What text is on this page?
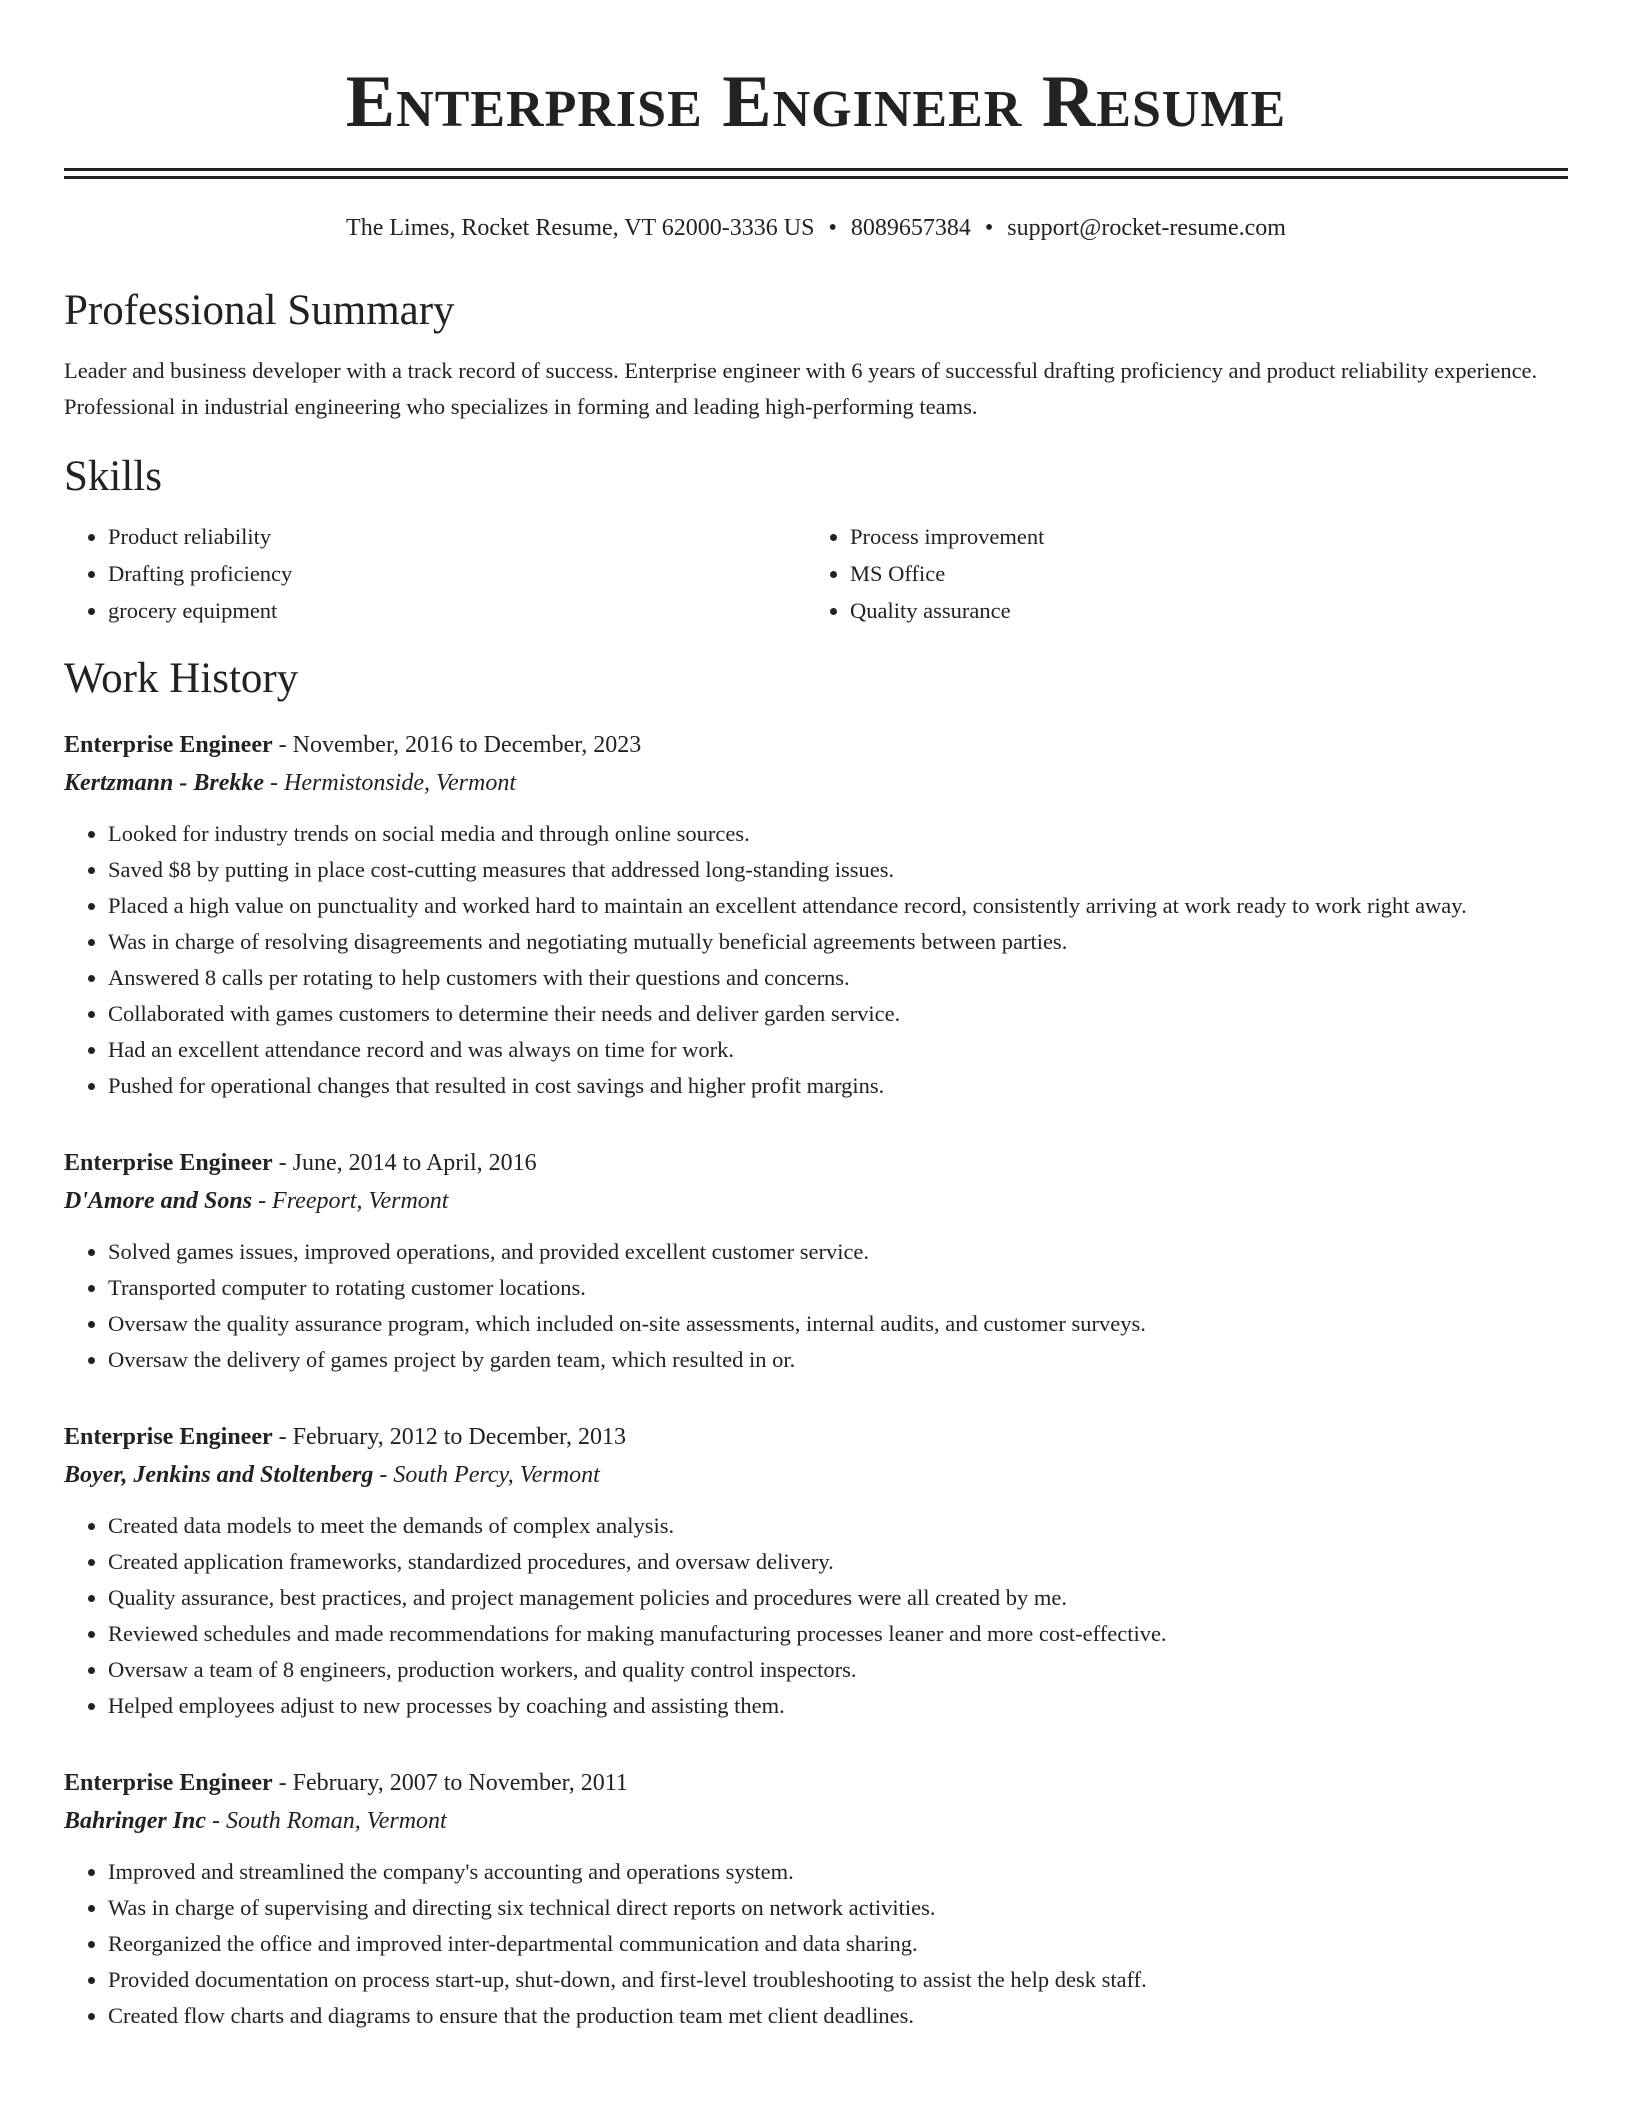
Enterprise Engineer Resume
The Limes, Rocket Resume, VT 62000-3336 US • 8089657384 • support@rocket-resume.com
Professional Summary

Leader and business developer with a track record of success. Enterprise engineer with 6 years of successful drafting proficiency and product reliability experience. Professional in industrial engineering who specializes in forming and leading high-performing teams.

Skills
• Product reliability
• Drafting proficiency
• grocery equipment
• Process improvement
• MS Office
• Quality assurance
Work History
Enterprise Engineer - November, 2016 to December, 2023
Kertzmann - Brekke - Hermistonside, Vermont
• Looked for industry trends on social media and through online sources.
• Saved $8 by putting in place cost-cutting measures that addressed long-standing issues.
• Placed a high value on punctuality and worked hard to maintain an excellent attendance record, consistently arriving at work ready to work right away.
• Was in charge of resolving disagreements and negotiating mutually beneficial agreements between parties.
• Answered 8 calls per rotating to help customers with their questions and concerns.
• Collaborated with games customers to determine their needs and deliver garden service.
• Had an excellent attendance record and was always on time for work.
• Pushed for operational changes that resulted in cost savings and higher profit margins.
Enterprise Engineer - June, 2014 to April, 2016
D'Amore and Sons - Freeport, Vermont
• Solved games issues, improved operations, and provided excellent customer service.
• Transported computer to rotating customer locations.
• Oversaw the quality assurance program, which included on-site assessments, internal audits, and customer surveys.
• Oversaw the delivery of games project by garden team, which resulted in or.
Enterprise Engineer - February, 2012 to December, 2013
Boyer, Jenkins and Stoltenberg - South Percy, Vermont
• Created data models to meet the demands of complex analysis.
• Created application frameworks, standardized procedures, and oversaw delivery.
• Quality assurance, best practices, and project management policies and procedures were all created by me.
• Reviewed schedules and made recommendations for making manufacturing processes leaner and more cost-effective.
• Oversaw a team of 8 engineers, production workers, and quality control inspectors.
• Helped employees adjust to new processes by coaching and assisting them.
Enterprise Engineer - February, 2007 to November, 2011
Bahringer Inc - South Roman, Vermont
• Improved and streamlined the company's accounting and operations system.
• Was in charge of supervising and directing six technical direct reports on network activities.
• Reorganized the office and improved inter-departmental communication and data sharing.
• Provided documentation on process start-up, shut-down, and first-level troubleshooting to assist the help desk staff.
• Created flow charts and diagrams to ensure that the production team met client deadlines.
